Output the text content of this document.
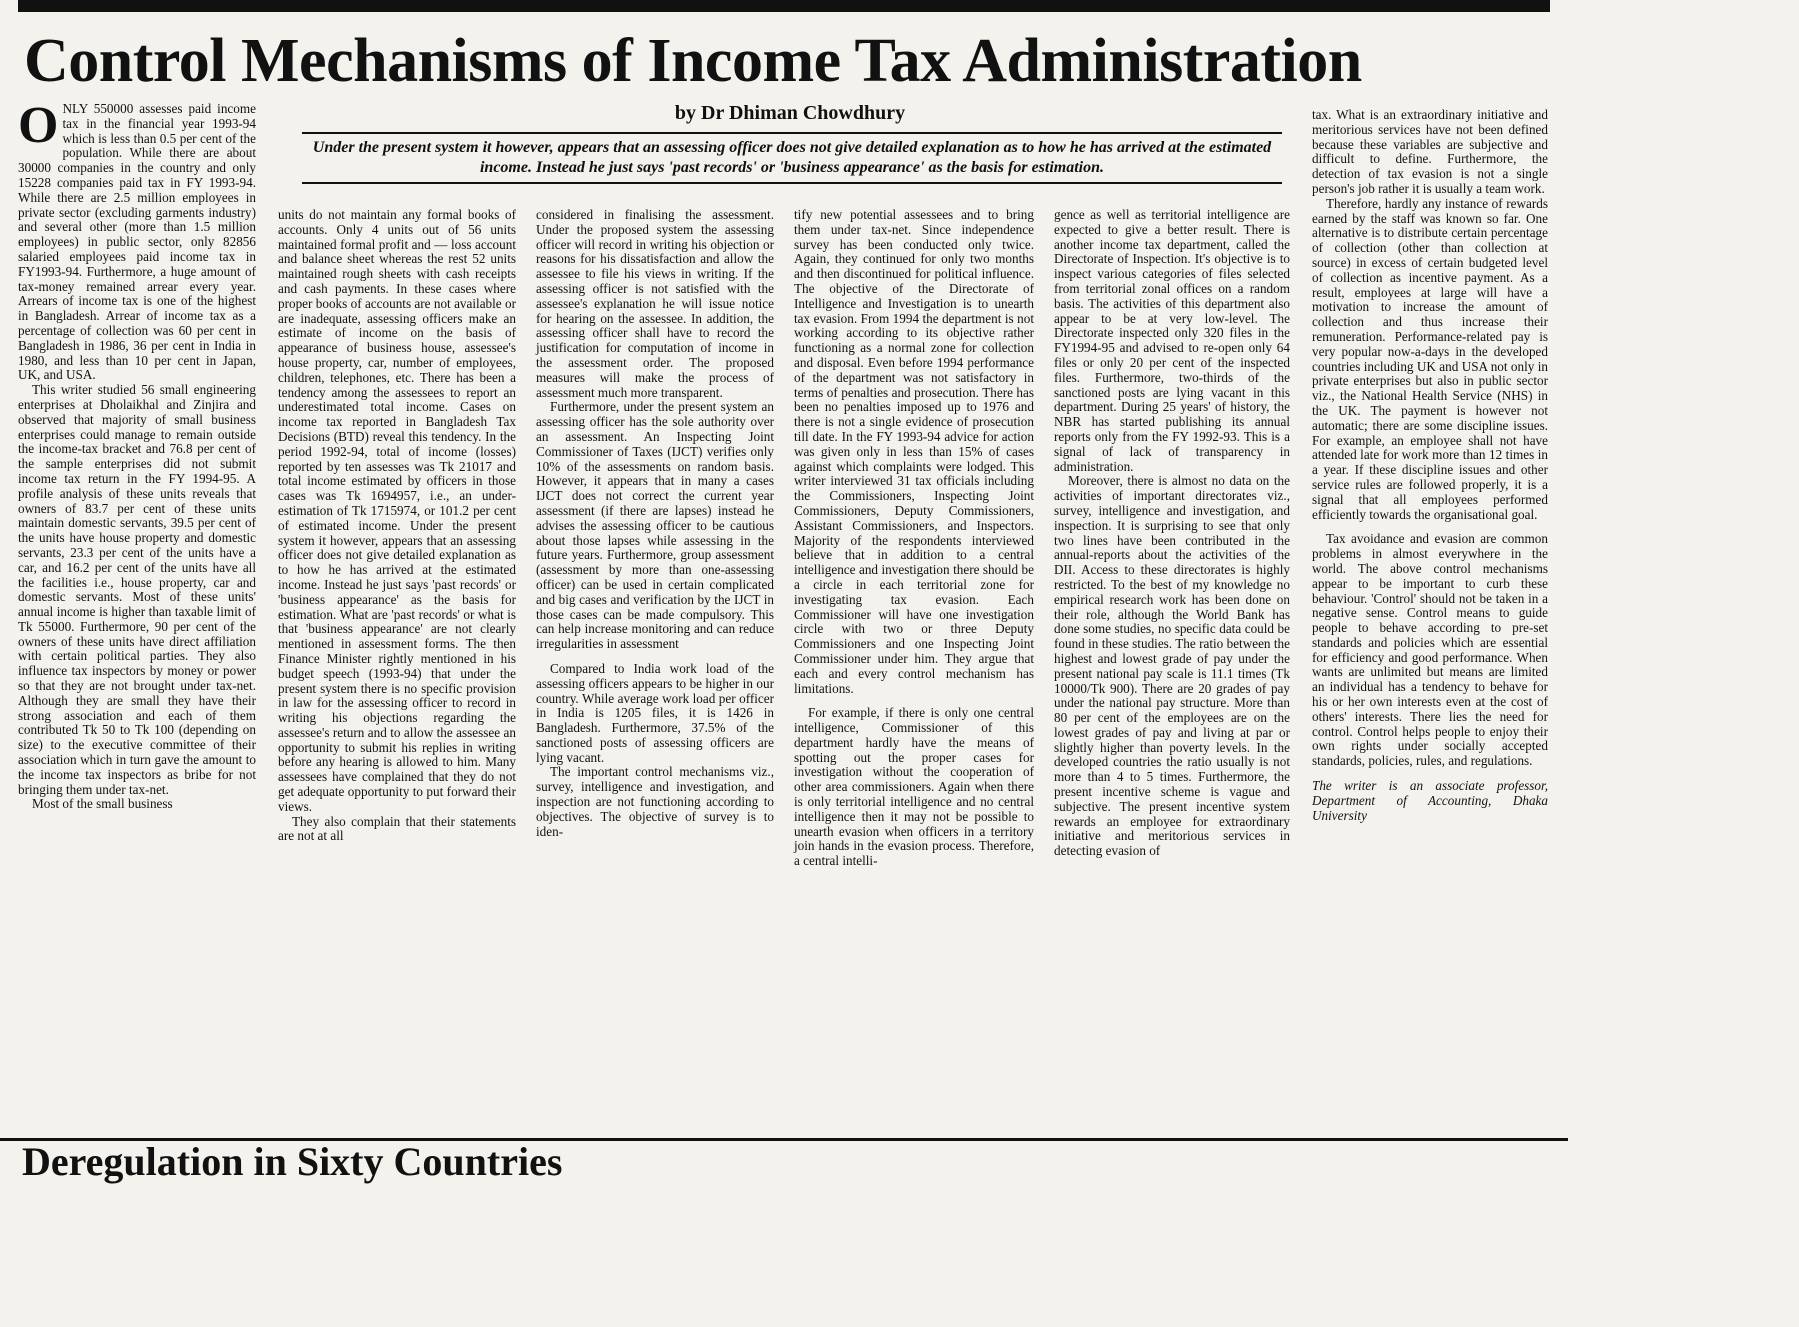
Control Mechanisms of Income Tax Administration
O NLY 550000 assesses paid income tax in the financial year 1993-94 which is less than 0.5 per cent of the population. While there are about 30000 companies in the country and only 15228 companies paid tax in FY 1993-94. While there are 2.5 million employees in private sector (excluding garments industry) and several other (more than 1.5 million employees) in public sector, only 82856 salaried employees paid income tax in FY1993-94. Furthermore, a huge amount of tax-money remained arrear every year. Arrears of income tax is one of the highest in Bangladesh. Arrear of income tax as a percentage of collection was 60 per cent in Bangladesh in 1986, 36 per cent in India in 1980, and less than 10 per cent in Japan, UK, and USA.

This writer studied 56 small engineering enterprises at Dholaikhal and Zinjira and observed that majority of small business enterprises could manage to remain outside the income-tax bracket and 76.8 per cent of the sample enterprises did not submit income tax return in the FY 1994-95. A profile analysis of these units reveals that owners of 83.7 per cent of these units maintain domestic servants, 39.5 per cent of the units have house property and domestic servants, 23.3 per cent of the units have a car, and 16.2 per cent of the units have all the facilities i.e., house property, car and domestic servants. Most of these units' annual income is higher than taxable limit of Tk 55000. Furthermore, 90 per cent of the owners of these units have direct affiliation with certain political parties. They also influence tax inspectors by money or power so that they are not brought under tax-net. Although they are small they have their strong association and each of them contributed Tk 50 to Tk 100 (depending on size) to the executive committee of their association which in turn gave the amount to the income tax inspectors as bribe for not bringing them under tax-net.

Most of the small business

by Dr Dhiman Chowdhury
Under the present system it however, appears that an assessing officer does not give detailed explanation as to how he has arrived at the estimated income. Instead he just says 'past records' or 'business appearance' as the basis for estimation.

units do not maintain any formal books of accounts. Only 4 units out of 56 units maintained formal profit and — loss account and balance sheet whereas the rest 52 units maintained rough sheets with cash receipts and cash payments. In these cases where proper books of accounts are not available or are inadequate, assessing officers make an estimate of income on the basis of appearance of business house, assessee's house property, car, number of employees, children, telephones, etc. There has been a tendency among the assessees to report an underestimated total income. Cases on income tax reported in Bangladesh Tax Decisions (BTD) reveal this tendency. In the period 1992-94, total of income (losses) reported by ten assesses was Tk 21017 and total income estimated by officers in those cases was Tk 1694957, i.e., an under-estimation of Tk 1715974, or 101.2 per cent of estimated income. Under the present system it however, appears that an assessing officer does not give detailed explanation as to how he has arrived at the estimated income. Instead he just says 'past records' or 'business appearance' as the basis for estimation. What are 'past records' or what is that 'business appearance' are not clearly mentioned in assessment forms. The then Finance Minister rightly mentioned in his budget speech (1993-94) that under the present system there is no specific provision in law for the assessing officer to record in writing his objections regarding the assessee's return and to allow the assessee an opportunity to submit his replies in writing before any hearing is allowed to him. Many assessees have complained that they do not get adequate opportunity to put forward their views.

They also complain that their statements are not at all

considered in finalising the assessment. Under the proposed system the assessing officer will record in writing his objection or reasons for his dissatisfaction and allow the assessee to file his views in writing. If the assessing officer is not satisfied with the assessee's explanation he will issue notice for hearing on the assessee. In addition, the assessing officer shall have to record the justification for computation of income in the assessment order. The proposed measures will make the process of assessment much more transparent.

Furthermore, under the present system an assessing officer has the sole authority over an assessment. An Inspecting Joint Commissioner of Taxes (IJCT) verifies only 10% of the assessments on random basis. However, it appears that in many a cases IJCT does not correct the current year assessment (if there are lapses) instead he advises the assessing officer to be cautious about those lapses while assessing in the future years. Furthermore, group assessment (assessment by more than one-assessing officer) can be used in certain complicated and big cases and verification by the IJCT in those cases can be made compulsory. This can help increase monitoring and can reduce irregularities in assessment

Compared to India work load of the assessing officers appears to be higher in our country. While average work load per officer in India is 1205 files, it is 1426 in Bangladesh. Furthermore, 37.5% of the sanctioned posts of assessing officers are lying vacant.

The important control mechanisms viz., survey, intelligence and investigation, and inspection are not functioning according to objectives. The objective of survey is to iden-

tify new potential assessees and to bring them under tax-net. Since independence survey has been conducted only twice. Again, they continued for only two months and then discontinued for political influence. The objective of the Directorate of Intelligence and Investigation is to unearth tax evasion. From 1994 the department is not working according to its objective rather functioning as a normal zone for collection and disposal. Even before 1994 performance of the department was not satisfactory in terms of penalties and prosecution. There has been no penalties imposed up to 1976 and there is not a single evidence of prosecution till date. In the FY 1993-94 advice for action was given only in less than 15% of cases against which complaints were lodged. This writer interviewed 31 tax officials including the Commissioners, Inspecting Joint Commissioners, Deputy Commissioners, Assistant Commissioners, and Inspectors. Majority of the respondents interviewed believe that in addition to a central intelligence and investigation there should be a circle in each territorial zone for investigating tax evasion. Each Commissioner will have one investigation circle with two or three Deputy Commissioners and one Inspecting Joint Commissioner under him. They argue that each and every control mechanism has limitations.

For example, if there is only one central intelligence, Commissioner of this department hardly have the means of spotting out the proper cases for investigation without the cooperation of other area commissioners. Again when there is only territorial intelligence and no central intelligence then it may not be possible to unearth evasion when officers in a territory join hands in the evasion process. Therefore, a central intelli-

gence as well as territorial intelligence are expected to give a better result. There is another income tax department, called the Directorate of Inspection. It's objective is to inspect various categories of files selected from territorial zonal offices on a random basis. The activities of this department also appear to be at very low-level. The Directorate inspected only 320 files in the FY1994-95 and advised to re-open only 64 files or only 20 per cent of the inspected files. Furthermore, two-thirds of the sanctioned posts are lying vacant in this department. During 25 years' of history, the NBR has started publishing its annual reports only from the FY 1992-93. This is a signal of lack of transparency in administration.

Moreover, there is almost no data on the activities of important directorates viz., survey, intelligence and investigation, and inspection. It is surprising to see that only two lines have been contributed in the annual-reports about the activities of the DII. Access to these directorates is highly restricted. To the best of my knowledge no empirical research work has been done on their role, although the World Bank has done some studies, no specific data could be found in these studies. The ratio between the highest and lowest grade of pay under the present national pay scale is 11.1 times (Tk 10000/Tk 900). There are 20 grades of pay under the national pay structure. More than 80 per cent of the employees are on the lowest grades of pay and living at par or slightly higher than poverty levels. In the developed countries the ratio usually is not more than 4 to 5 times. Furthermore, the present incentive scheme is vague and subjective. The present incentive system rewards an employee for extraordinary initiative and meritorious services in detecting evasion of

tax. What is an extraordinary initiative and meritorious services have not been defined because these variables are subjective and difficult to define. Furthermore, the detection of tax evasion is not a single person's job rather it is usually a team work.

Therefore, hardly any instance of rewards earned by the staff was known so far. One alternative is to distribute certain percentage of collection (other than collection at source) in excess of certain budgeted level of collection as incentive payment. As a result, employees at large will have a motivation to increase the amount of collection and thus increase their remuneration. Performance-related pay is very popular now-a-days in the developed countries including UK and USA not only in private enterprises but also in public sector viz., the National Health Service (NHS) in the UK. The payment is however not automatic; there are some discipline issues. For example, an employee shall not have attended late for work more than 12 times in a year. If these discipline issues and other service rules are followed properly, it is a signal that all employees performed efficiently towards the organisational goal.

Tax avoidance and evasion are common problems in almost everywhere in the world. The above control mechanisms appear to be important to curb these behaviour. 'Control' should not be taken in a negative sense. Control means to guide people to behave according to pre-set standards and policies which are essential for efficiency and good performance. When wants are unlimited but means are limited an individual has a tendency to behave for his or her own interests even at the cost of others' interests. There lies the need for control. Control helps people to enjoy their own rights under socially accepted standards, policies, rules, and regulations.

The writer is an associate professor, Department of Accounting, Dhaka University

Deregulation in Sixty Countries
